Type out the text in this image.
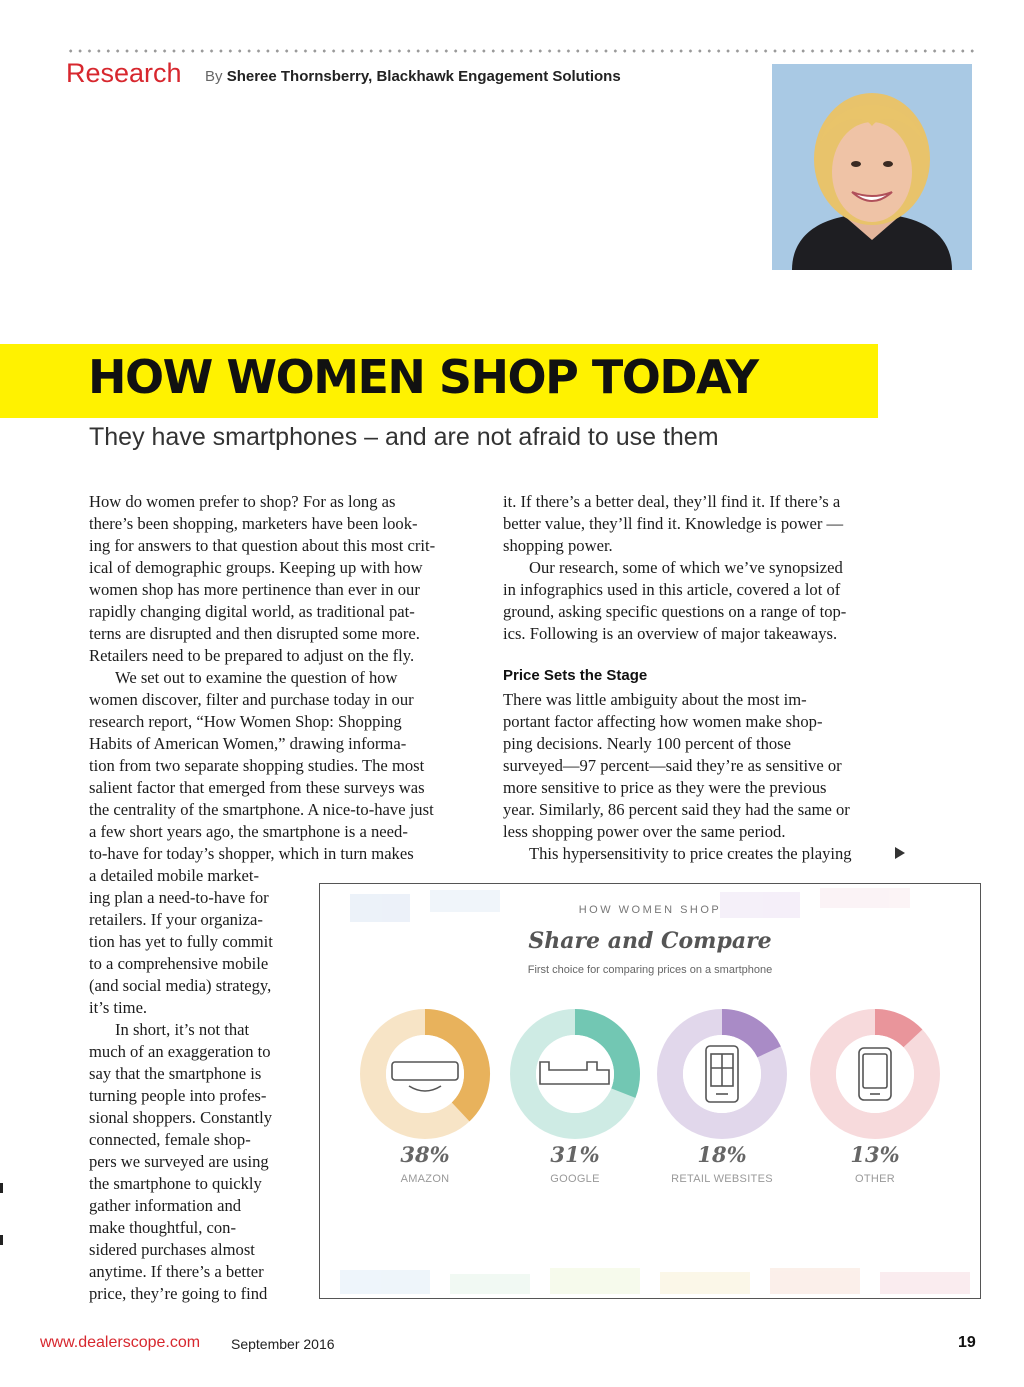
Research By Sheree Thornsberry, Blackhawk Engagement Solutions
HOW WOMEN SHOP TODAY
They have smartphones – and are not afraid to use them
How do women prefer to shop? For as long as
there’s been shopping, marketers have been look-
ing for answers to that question about this most crit-
ical of demographic groups. Keeping up with how
women shop has more pertinence than ever in our
rapidly changing digital world, as traditional pat-
terns are disrupted and then disrupted some more.
Retailers need to be prepared to adjust on the fly.
We set out to examine the question of how
women discover, filter and purchase today in our
research report, “How Women Shop: Shopping
Habits of American Women,” drawing informa-
tion from two separate shopping studies. The most
salient factor that emerged from these surveys was
the centrality of the smartphone. A nice-to-have just
a few short years ago, the smartphone is a need-
to-have for today’s shopper, which in turn makes
a detailed mobile market-
ing plan a need-to-have for
retailers. If your organiza-
tion has yet to fully commit
to a comprehensive mobile
(and social media) strategy,
it’s time.
In short, it’s not that
much of an exaggeration to
say that the smartphone is
turning people into profes-
sional shoppers. Constantly
connected, female shop-
pers we surveyed are using
the smartphone to quickly
gather information and
make thoughtful, con-
sidered purchases almost
anytime. If there’s a better
price, they’re going to find
it. If there’s a better deal, they’ll find it. If there’s a
better value, they’ll find it. Knowledge is power —
shopping power.
Our research, some of which we’ve synopsized
in infographics used in this article, covered a lot of
ground, asking specific questions on a range of top-
ics. Following is an overview of major takeaways.
Price Sets the Stage
There was little ambiguity about the most im-
portant factor affecting how women make shop-
ping decisions. Nearly 100 percent of those
surveyed—97 percent—said they’re as sensitive or
more sensitive to price as they were the previous
year. Similarly, 86 percent said they had the same or
less shopping power over the same period.
This hypersensitivity to price creates the playing
HOW WOMEN SHOP
Share and Compare
First choice for comparing prices on a smartphone
38%
AMAZON
31%
GOOGLE
18%
RETAIL WEBSITES
13%
OTHER
www.dealerscope.com September 2016	19
